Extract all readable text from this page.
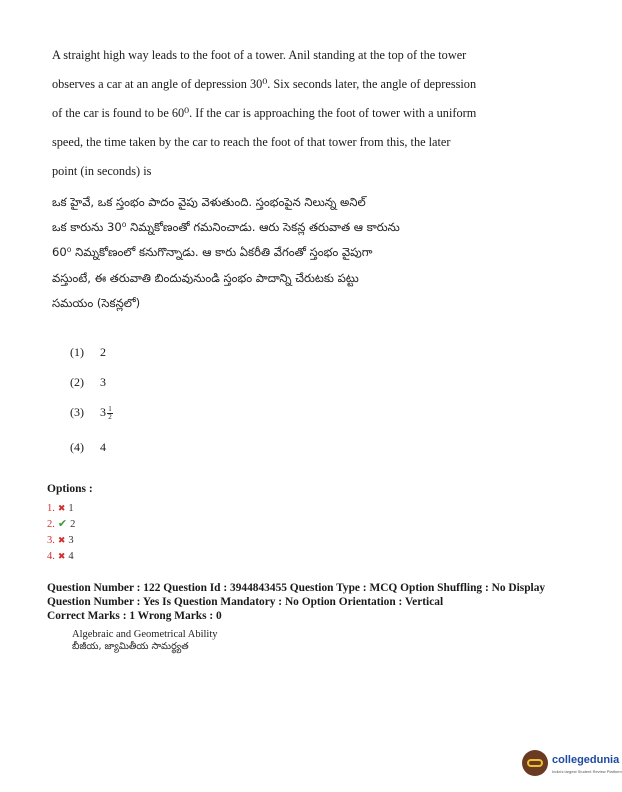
A straight high way leads to the foot of a tower. Anil standing at the top of the tower

observes a car at an angle of depression 30⁰. Six seconds later, the angle of depression

of the car is found to be 60⁰. If the car is approaching the foot of tower with a uniform

speed, the time taken by the car to reach the foot of that tower from this, the later

point (in seconds) is

ఒక హైవే, ఒక స్తంభం పాదం వైపు వెళుతుంది. స్తంభంపైన నిలున్న అనిల్

ఒక కారును 30⁰ నిమ్నకోణంతో గమనించాడు. ఆరు సెకన్ల తరువాత ఆ కారును

60⁰ నిమ్నకోణంలో కనుగొన్నాడు. ఆ కారు ఏకరీతి వేగంతో స్తంభం వైపుగా

వస్తుంటే, ఈ తరువాతి బిందువునుండి స్తంభం పాదాన్ని చేరుటకు పట్టు

సమయం (సెకన్లలో)

(1) 2
(2) 3
(3) $3 \frac{1}{2}$
(4) 4
Options :
1. ✖ 1
2. ✔ 2
3. ✖ 3
4. ✖ 4
Question Number : 122 Question Id : 3944843455 Question Type : MCQ Option Shuffling : No Display
Question Number : Yes Is Question Mandatory : No Option Orientation : Vertical
Correct Marks : 1 Wrong Marks : 0
Algebraic and Geometrical Ability
బీజీయ, జ్యామితీయ సామర్థ్యత
collegedunia
India's largest Student Review Platform
